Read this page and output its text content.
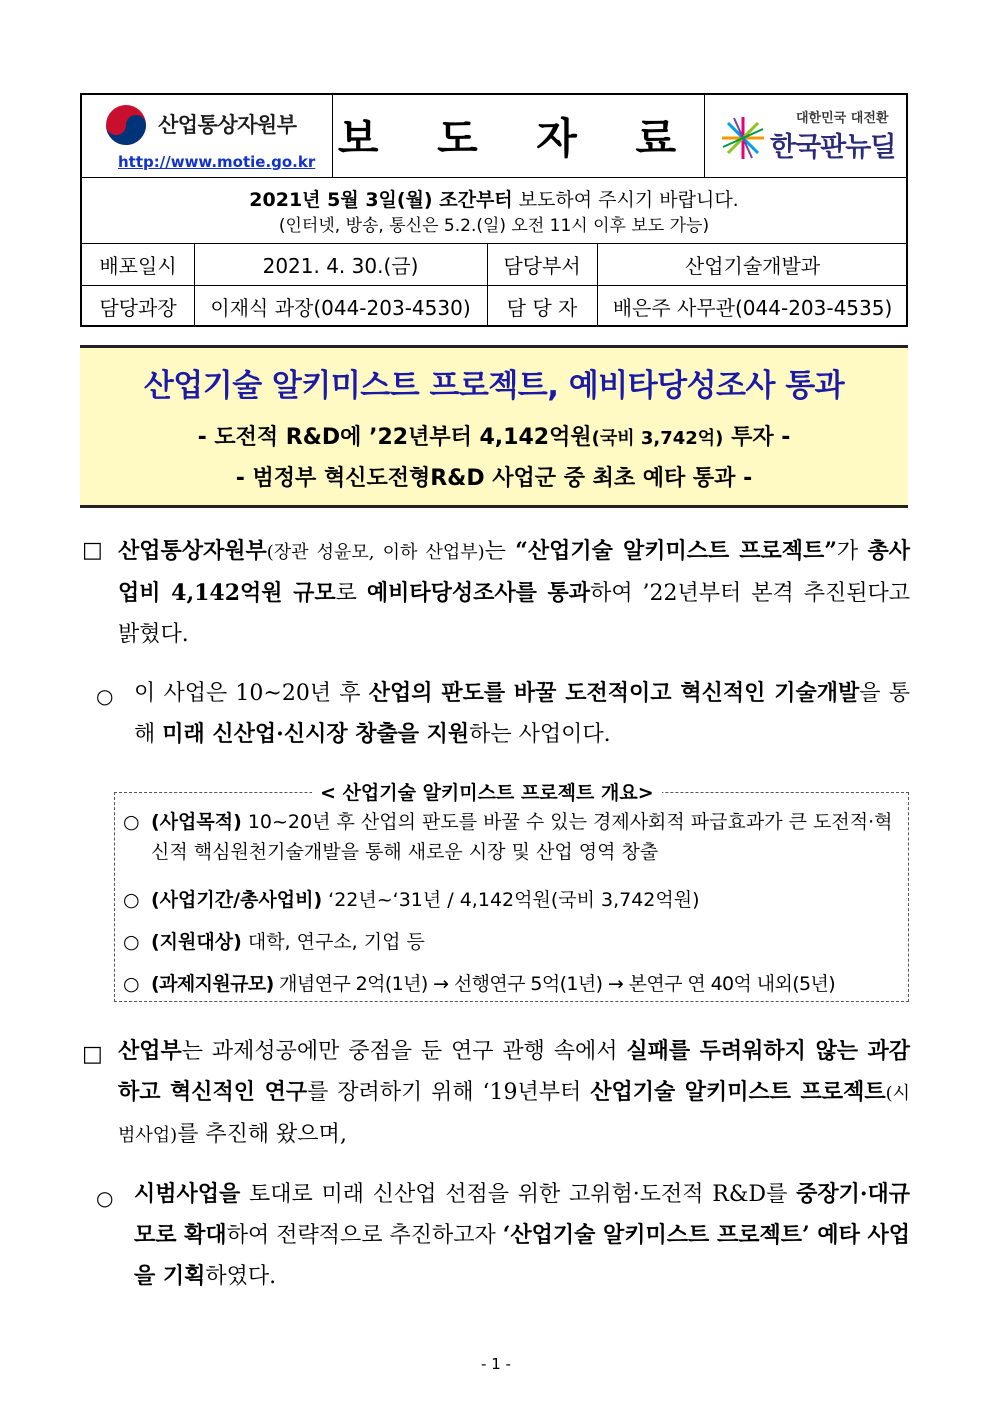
산업통상자원부
http://www.motie.go.kr 보 도 자 료	대한민국 대전환
한국판뉴딜
2021년 5월 3일(월) 조간부터 보도하여 주시기 바랍니다.
(인터넷, 방송, 통신은 5.2.(일) 오전 11시 이후 보도 가능)
배포일시	2021. 4. 30.(금)	담당부서	산업기술개발과
담당과장	이재식 과장(044-203-4530)	담 당 자	배은주 사무관(044-203-4535)
산업기술 알키미스트 프로젝트, 예비타당성조사 통과
- 도전적 R&D에 ’22년부터 4,142억원(국비 3,742억) 투자 -
- 범정부 혁신도전형R&D 사업군 중 최초 예타 통과 -
□ 산업통상자원부(장관 성윤모, 이하 산업부)는 “산업기술 알키미스트 프로젝트”가 총사업비 4,142억원 규모로 예비타당성조사를 통과하여 ’22년부터 본격 추진된다고 밝혔다.
○ 이 사업은 10~20년 후 산업의 판도를 바꿀 도전적이고 혁신적인 기술개발을 통해 미래 신산업·신시장 창출을 지원하는 사업이다.
○ (사업목적) 10~20년 후 산업의 판도를 바꿀 수 있는 경제사회적 파급효과가 큰 도전적·혁신적 핵심원천기술개발을 통해 새로운 시장 및 산업 영역 창출
○ (사업기간/총사업비) ‘22년~‘31년 / 4,142억원(국비 3,742억원)
○ (지원대상) 대학, 연구소, 기업 등
○ (과제지원규모) 개념연구 2억(1년) → 선행연구 5억(1년) → 본연구 연 40억 내외(5년)
< 산업기술 알키미스트 프로젝트 개요>
□ 산업부는 과제성공에만 중점을 둔 연구 관행 속에서 실패를 두려워하지 않는 과감하고 혁신적인 연구를 장려하기 위해 ‘19년부터 산업기술 알키미스트 프로젝트(시범사업)를 추진해 왔으며,
○ 시범사업을 토대로 미래 신산업 선점을 위한 고위험·도전적 R&D를 중장기·대규모로 확대하여 전략적으로 추진하고자 ‘산업기술 알키미스트 프로젝트’ 예타 사업을 기획하였다.
- 1 -
